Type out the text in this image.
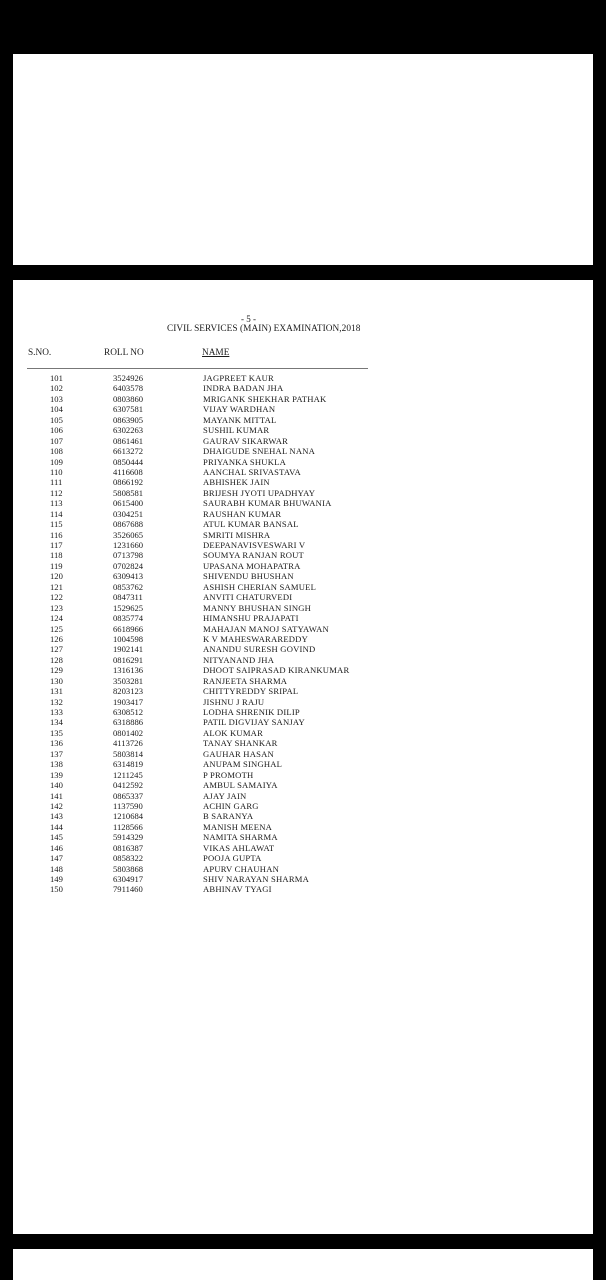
- 5 -
CIVIL SERVICES (MAIN) EXAMINATION,2018
S.NO.	ROLL NO	NAME
101	3524926	JAGPREET KAUR
102	6403578	INDRA BADAN JHA
103	0803860	MRIGANK SHEKHAR PATHAK
104	6307581	VIJAY WARDHAN
105	0863905	MAYANK MITTAL
106	6302263	SUSHIL KUMAR
107	0861461	GAURAV SIKARWAR
108	6613272	DHAIGUDE SNEHAL NANA
109	0850444	PRIYANKA SHUKLA
110	4116608	AANCHAL SRIVASTAVA
111	0866192	ABHISHEK JAIN
112	5808581	BRIJESH JYOTI UPADHYAY
113	0615400	SAURABH KUMAR BHUWANIA
114	0304251	RAUSHAN KUMAR
115	0867688	ATUL KUMAR BANSAL
116	3526065	SMRITI MISHRA
117	1231660	DEEPANAVISVESWARI V
118	0713798	SOUMYA RANJAN ROUT
119	0702824	UPASANA MOHAPATRA
120	6309413	SHIVENDU BHUSHAN
121	0853762	ASHISH CHERIAN SAMUEL
122	0847311	ANVITI CHATURVEDI
123	1529625	MANNY BHUSHAN SINGH
124	0835774	HIMANSHU PRAJAPATI
125	6618966	MAHAJAN MANOJ SATYAWAN
126	1004598	K V MAHESWARAREDDY
127	1902141	ANANDU SURESH GOVIND
128	0816291	NITYANAND JHA
129	1316136	DHOOT SAIPRASAD KIRANKUMAR
130	3503281	RANJEETA SHARMA
131	8203123	CHITTYREDDY SRIPAL
132	1903417	JISHNU J RAJU
133	6308512	LODHA SHRENIK DILIP
134	6318886	PATIL DIGVIJAY SANJAY
135	0801402	ALOK KUMAR
136	4113726	TANAY SHANKAR
137	5803814	GAUHAR HASAN
138	6314819	ANUPAM SINGHAL
139	1211245	P PROMOTH
140	0412592	AMBUL SAMAIYA
141	0865337	AJAY JAIN
142	1137590	ACHIN GARG
143	1210684	B SARANYA
144	1128566	MANISH MEENA
145	5914329	NAMITA SHARMA
146	0816387	VIKAS AHLAWAT
147	0858322	POOJA GUPTA
148	5803868	APURV CHAUHAN
149	6304917	SHIV NARAYAN SHARMA
150	7911460	ABHINAV TYAGI
